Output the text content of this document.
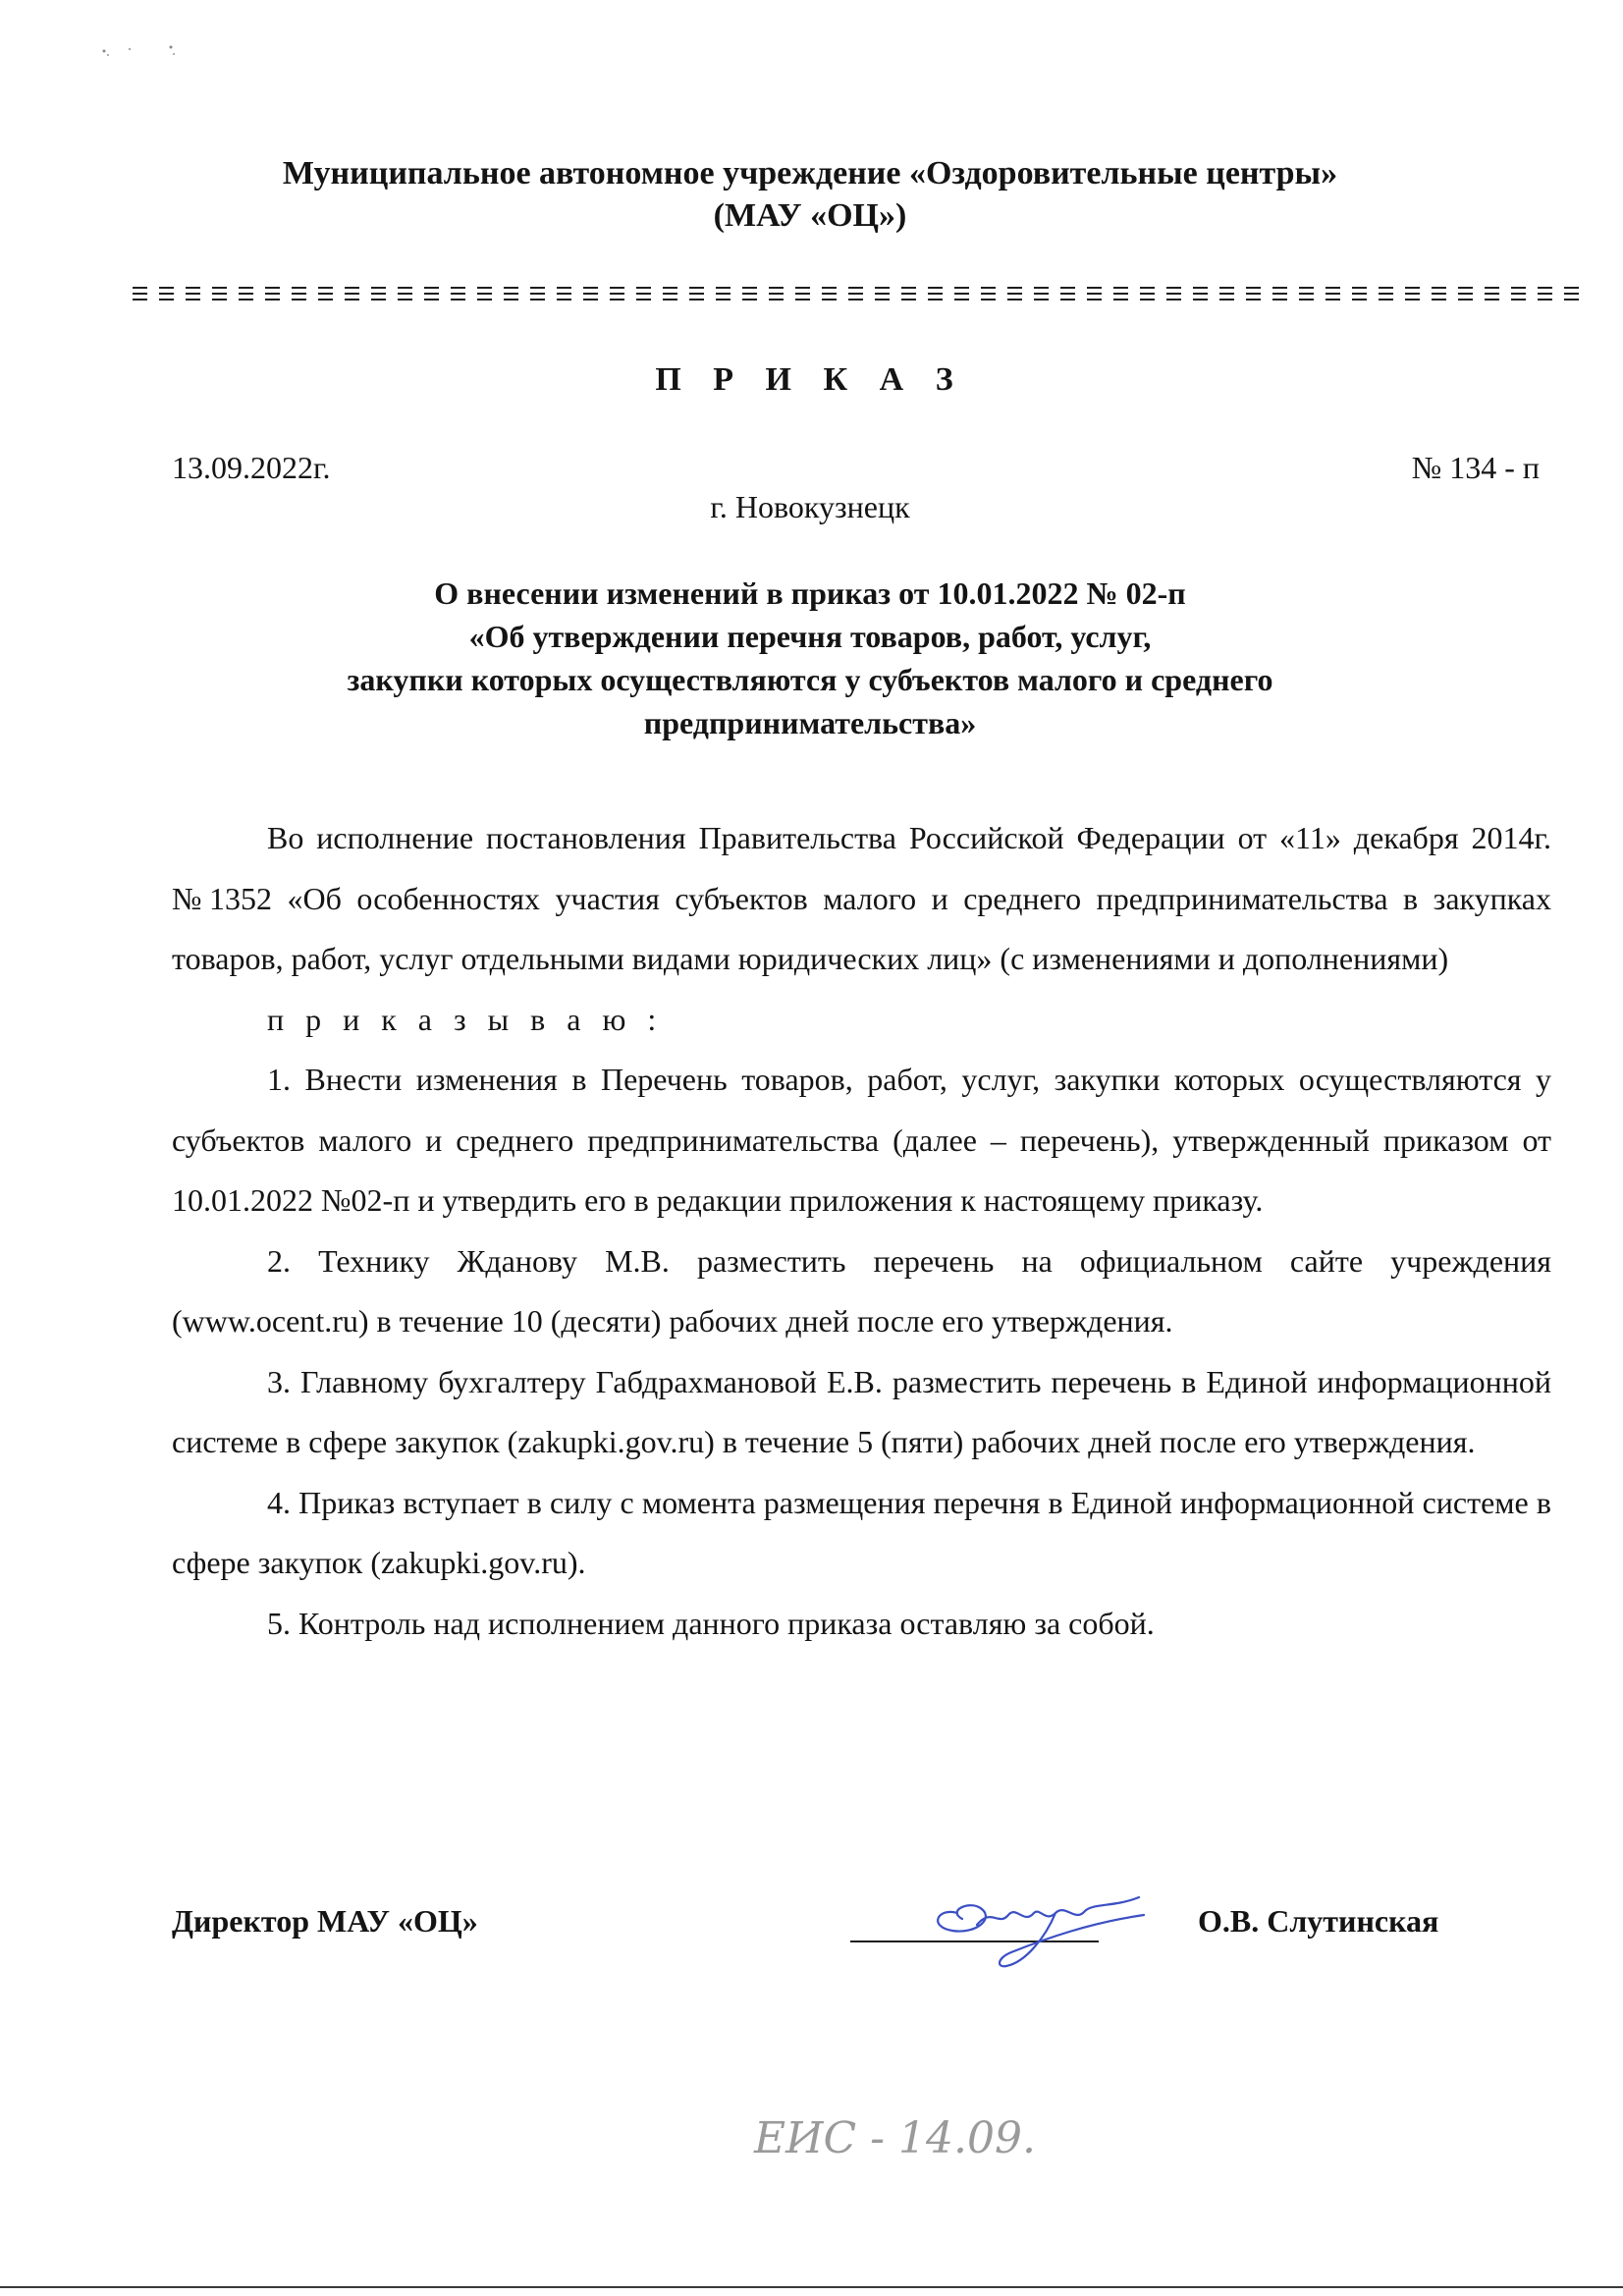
Муниципальное автономное учреждение «Оздоровительные центры»
(МАУ «ОЦ»)
П Р И К А З
13.09.2022г.	№ 134 - п
г. Новокузнецк
О внесении изменений в приказ от 10.01.2022 № 02-п
«Об утверждении перечня товаров, работ, услуг,
закупки которых осуществляются у субъектов малого и среднего
предпринимательства»

Во исполнение постановления Правительства Российской Федерации от «11» декабря 2014г. №1352 «Об особенностях участия субъектов малого и среднего предпринимательства в закупках товаров, работ, услуг отдельными видами юридических лиц» (с изменениями и дополнениями)

п р и к а з ы в а ю :

1. Внести изменения в Перечень товаров, работ, услуг, закупки которых осуществляются у субъектов малого и среднего предпринимательства (далее – перечень), утвержденный приказом от 10.01.2022 №02-п и утвердить его в редакции приложения к настоящему приказу.

2. Технику Жданову М.В. разместить перечень на официальном сайте учреждения (www.ocent.ru) в течение 10 (десяти) рабочих дней после его утверждения.

3. Главному бухгалтеру Габдрахмановой Е.В. разместить перечень в Единой информационной системе в сфере закупок (zakupki.gov.ru) в течение 5 (пяти) рабочих дней после его утверждения.

4. Приказ вступает в силу с момента размещения перечня в Единой информационной системе в сфере закупок (zakupki.gov.ru).

5. Контроль над исполнением данного приказа оставляю за собой.

Директор МАУ «ОЦ»	О.В. Слутинская
ЕИС - 14.09.
